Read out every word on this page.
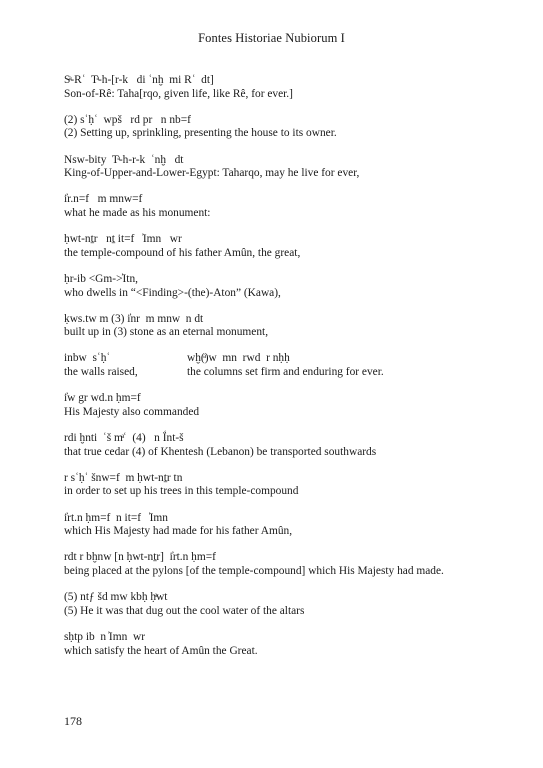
Fontes Historiae Nubiorum I
Sͣ-Rʿ  Tͣ-h-[r-k   di ʿnḫ  mi Rʿ  dt]
Son-of-Rê: Taha[rqo, given life, like Rê, for ever.]
(2) sʿḥʿ  wpš   rd pr   n nb=f
(2) Setting up, sprinkling, presenting the house to its owner.
Nsw-bity  Tͣ-h-r-k  ʿnḫ   dt
King-of-Upper-and-Lower-Egypt: Taharqo, may he live for ever,
i̓r.n=f   m mnw=f
what he made as his monument:
ḥwt-nṯr   nṯ it=f   ̓Imn   wr
the temple-compound of his father Amûn, the great,
ḥr-ib <Gm->̓Itn,
who dwells in “<Finding>-(the)-Aton” (Kawa),
ḳws.tw m (3) i̓nr  m mnw  n dt
built up in (3) stone as an eternal monument,
inbw  sʿḥʿ	wḫ(ͣ)w  mn  rwd  r nḥḥ
the walls raised,	the columns set firm and enduring for ever.
i̓w gr wd.n ḥm=f
His Majesty also commanded
rdi ḫnti  ʿš mͣʿ  (4)   n Ḯnt-š
that true cedar (4) of Khentesh (Lebanon) be transported southwards
r sʿḥʿ šnw=f  m ḥwt-nṯr tn
in order to set up his trees in this temple-compound
i̓rt.n ḥm=f  n it=f   ̓Imn
which His Majesty had made for his father Amûn,
rdt r bḫnw [n ḥwt-nṯr]  i̓rt.n ḥm=f
being placed at the pylons [of the temple-compound] which His Majesty had made.
(5) ntƒ šd mw kbḥ ḥͣwt
(5) He it was that dug out the cool water of the altars
sḥtp ib  n ̓Imn  wr
which satisfy the heart of Amûn the Great.
178
